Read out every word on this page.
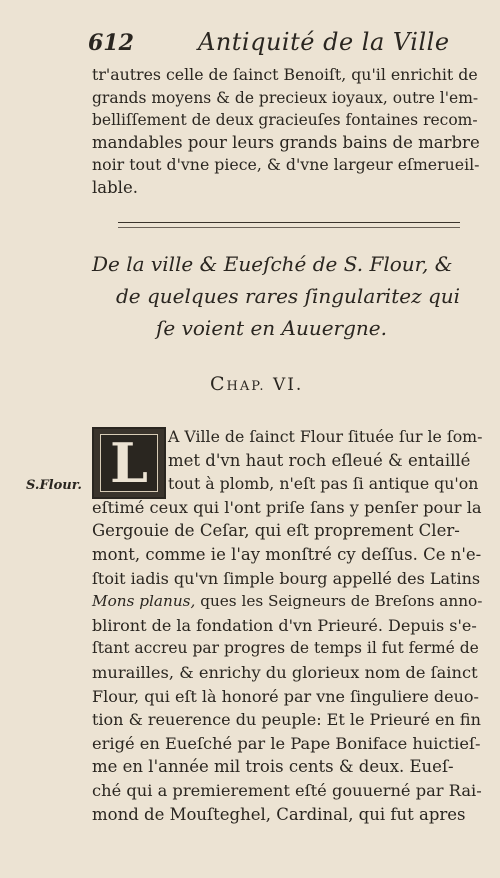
612	Antiquité de la Ville
tr'autres celle de ſainct Benoiſt, qu'il enrichit de
grands moyens & de precieux ioyaux, outre l'em-
belliſſement de deux gracieuſes fontaines recom-
mandables pour leurs grands bains de marbre
noir tout d'vne piece, & d'vne largeur eſmerueil-
lable.
De la ville & Eueſché de S. Flour, &
de quelques rares ſingularitez qui
ſe voient en Auuergne.
CHAP. VI.
L
S.Flour.
A Ville de ſainct Flour ſituée ſur le ſom-
met d'vn haut roch eſleué & entaillé
tout à plomb, n'eſt pas ſi antique qu'on
eſtimé ceux qui l'ont priſe ſans y penſer pour la
Gergouie de Ceſar, qui eſt proprement Cler-
mont, comme ie l'ay monſtré cy deſſus. Ce n'e-
ſtoit iadis qu'vn ſimple bourg appellé des Latins
Mons planus, ques les Seigneurs de Breſons anno-
bliront de la fondation d'vn Prieuré. Depuis s'e-
ſtant accreu par progres de temps il fut fermé de
murailles, & enrichy du glorieux nom de ſainct
Flour, qui eſt là honoré par vne ſinguliere deuo-
tion & reuerence du peuple: Et le Prieuré en fin
erigé en Eueſché par le Pape Boniface huictieſ-
me en l'année mil trois cents & deux. Eueſ-
ché qui a premierement eſté gouuerné par Rai-
mond de Mouſteghel, Cardinal, qui fut apres
